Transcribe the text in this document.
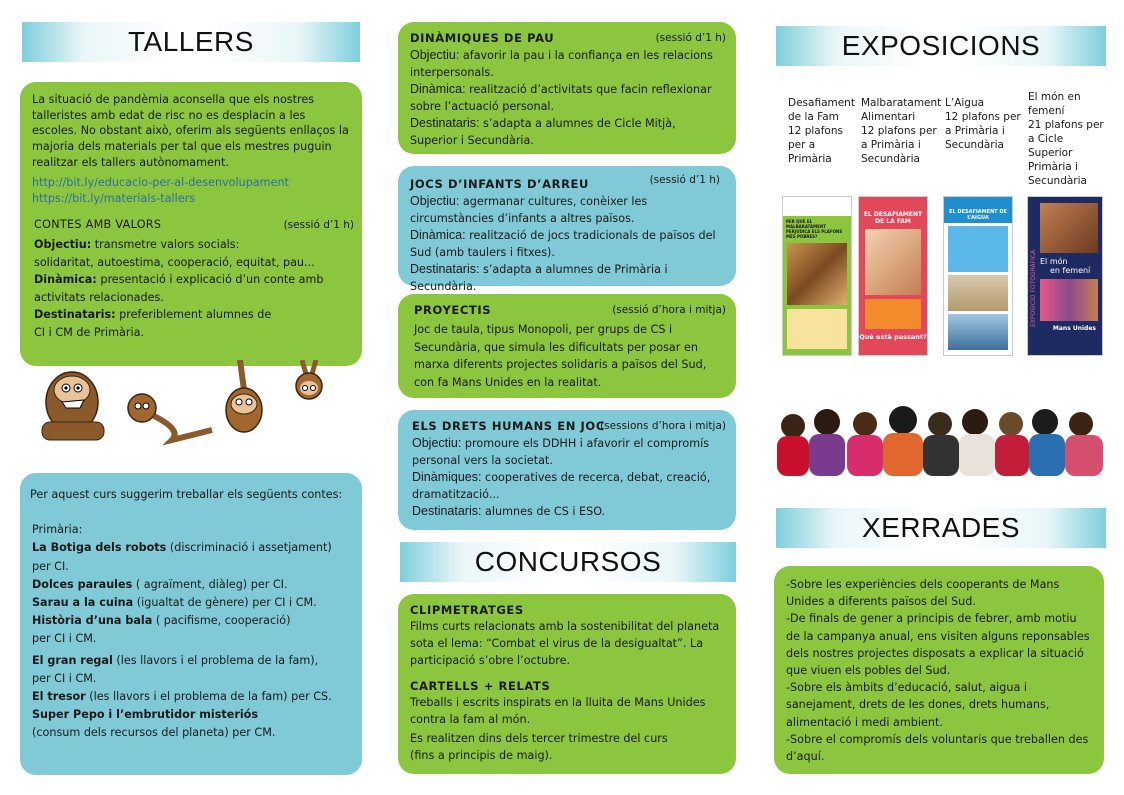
TALLERS
La situació de pandèmia aconsella que els nostres talleristes amb edat de risc no es desplacin a les escoles. No obstant això, oferim als següents enllaços la majoria dels materials per tal que els mestres puguin realitzar els tallers autònomament.
http://bit.ly/educacio-per-al-desenvolupament
https://bit.ly/materials-tallers
CONTES AMB VALORS	(sessió d’1 h)
Objectiu: transmetre valors socials:
solidaritat, autoestima, cooperació, equitat, pau...
Dinàmica: presentació i explicació d’un conte amb
activitats relacionades.
Destinataris: preferiblement alumnes de
CI i CM de Primària.
Per aquest curs suggerim treballar els següents contes:
Primària:
La Botiga dels robots (discriminació i assetjament)
per CI.
Dolces paraules ( agraïment, diàleg) per CI.
Sarau a la cuina (igualtat de gènere) per CI i CM.
Història d’una bala ( pacifisme, cooperació)
per CI i CM.
El gran regal (les llavors i el problema de la fam),
per CI i CM.
El tresor (les llavors i el problema de la fam) per CS.
Super Pepo i l’embrutidor misteriós
(consum dels recursos del planeta) per CM.
DINÀMIQUES DE PAU	(sessió d’1 h)
Objectiu: afavorir la pau i la confiança en les relacions interpersonals.
Dinàmica: realització d’activitats que facin reflexionar sobre l’actuació personal.
Destinataris: s’adapta a alumnes de Cicle Mitjà, Superior i Secundària.
JOCS D’INFANTS D’ARREU	(sessió d’1 h)
Objectiu: agermanar cultures, conèixer les circumstàncies d’infants a altres països.
Dinàmica: realització de jocs tradicionals de països del Sud (amb taulers i fitxes).
Destinataris: s’adapta a alumnes de Primària i Secundària.
PROYECTIS	(sessió d’hora i mitja)
Joc de taula, tipus Monopoli, per grups de CS i Secundària, que simula les dificultats per posar en marxa diferents projectes solidaris a països del Sud, con fa Mans Unides en la realitat.
ELS DRETS HUMANS EN JOC
(sessions d’hora i mitja)
Objectiu: promoure els DDHH i afavorir el compromís personal vers la societat.
Dinàmiques: cooperatives de recerca, debat, creació, dramatització...
Destinataris: alumnes de CS i ESO.
CONCURSOS
CLIPMETRATGES
Films curts relacionats amb la sostenibilitat del planeta sota el lema: “Combat el virus de la desigualtat”. La participació s’obre l’octubre.
CARTELLS + RELATS
Treballs i escrits inspirats en la lluita de Mans Unides contra la fam al món.
Es realitzen dins dels tercer trimestre del curs
(fins a principis de maig).
EXPOSICIONS
Desafiament de la Fam
12 plafons per a Primària
Malbaratament Alimentari
12 plafons per a Primària i Secundària
L’Aigua
12 plafons per a Primària i Secundària
El món en femení
21 plafons per a Cicle Superior Primària i Secundària
PER QUÈ EL MALBARATAMENT PERJUDICA ELS PLAFONS MÉS POBRES?
EL DESAFIAMENT DE LA FAM
Què està passant?
EL DESAFIAMENT DE L’AIGUA
EXPOSICIÓ FOTOGRÀFICA El món
en femení
Mans Unides
XERRADES
-Sobre les experiències dels cooperants de Mans Unides a diferents països del Sud.
-De finals de gener a principis de febrer, amb motiu de la campanya anual, ens visiten alguns reponsables dels nostres projectes disposats a explicar la situació que viuen els pobles del Sud.
-Sobre els àmbits d’educació, salut, aigua i sanejament, drets de les dones, drets humans, alimentació i medi ambient.
-Sobre el compromís dels voluntaris que treballen des d’aquí.
